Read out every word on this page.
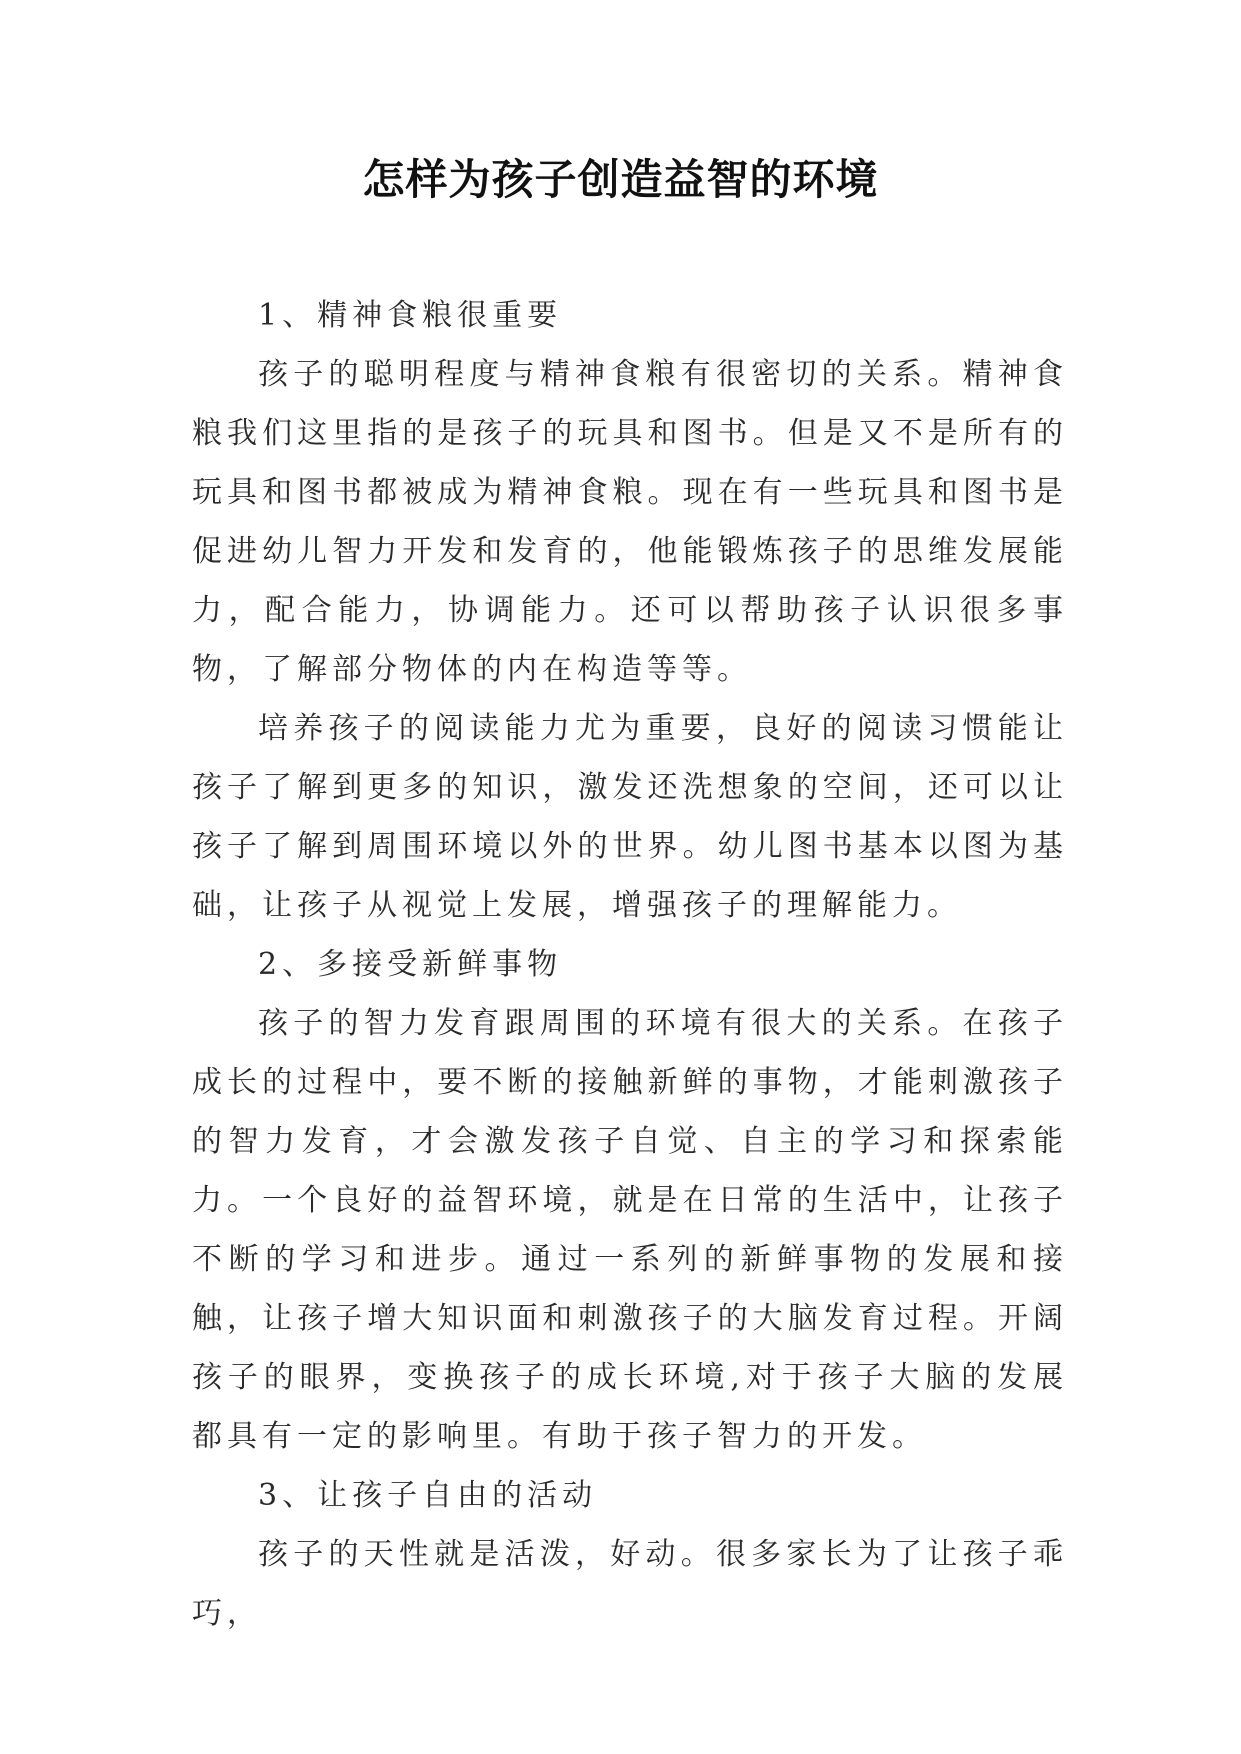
怎样为孩子创造益智的环境

1、精神食粮很重要

孩子的聪明程度与精神食粮有很密切的关系。精神食粮我们这里指的是孩子的玩具和图书。但是又不是所有的玩具和图书都被成为精神食粮。现在有一些玩具和图书是促进幼儿智力开发和发育的，他能锻炼孩子的思维发展能力，配合能力，协调能力。还可以帮助孩子认识很多事物，了解部分物体的内在构造等等。

培养孩子的阅读能力尤为重要，良好的阅读习惯能让孩子了解到更多的知识，激发还洗想象的空间，还可以让孩子了解到周围环境以外的世界。幼儿图书基本以图为基础，让孩子从视觉上发展，增强孩子的理解能力。

2、多接受新鲜事物

孩子的智力发育跟周围的环境有很大的关系。在孩子成长的过程中，要不断的接触新鲜的事物，才能刺激孩子的智力发育，才会激发孩子自觉、自主的学习和探索能力。一个良好的益智环境，就是在日常的生活中，让孩子不断的学习和进步。通过一系列的新鲜事物的发展和接触，让孩子增大知识面和刺激孩子的大脑发育过程。开阔孩子的眼界，变换孩子的成长环境,对于孩子大脑的发展都具有一定的影响里。有助于孩子智力的开发。

3、让孩子自由的活动

孩子的天性就是活泼，好动。很多家长为了让孩子乖巧，
